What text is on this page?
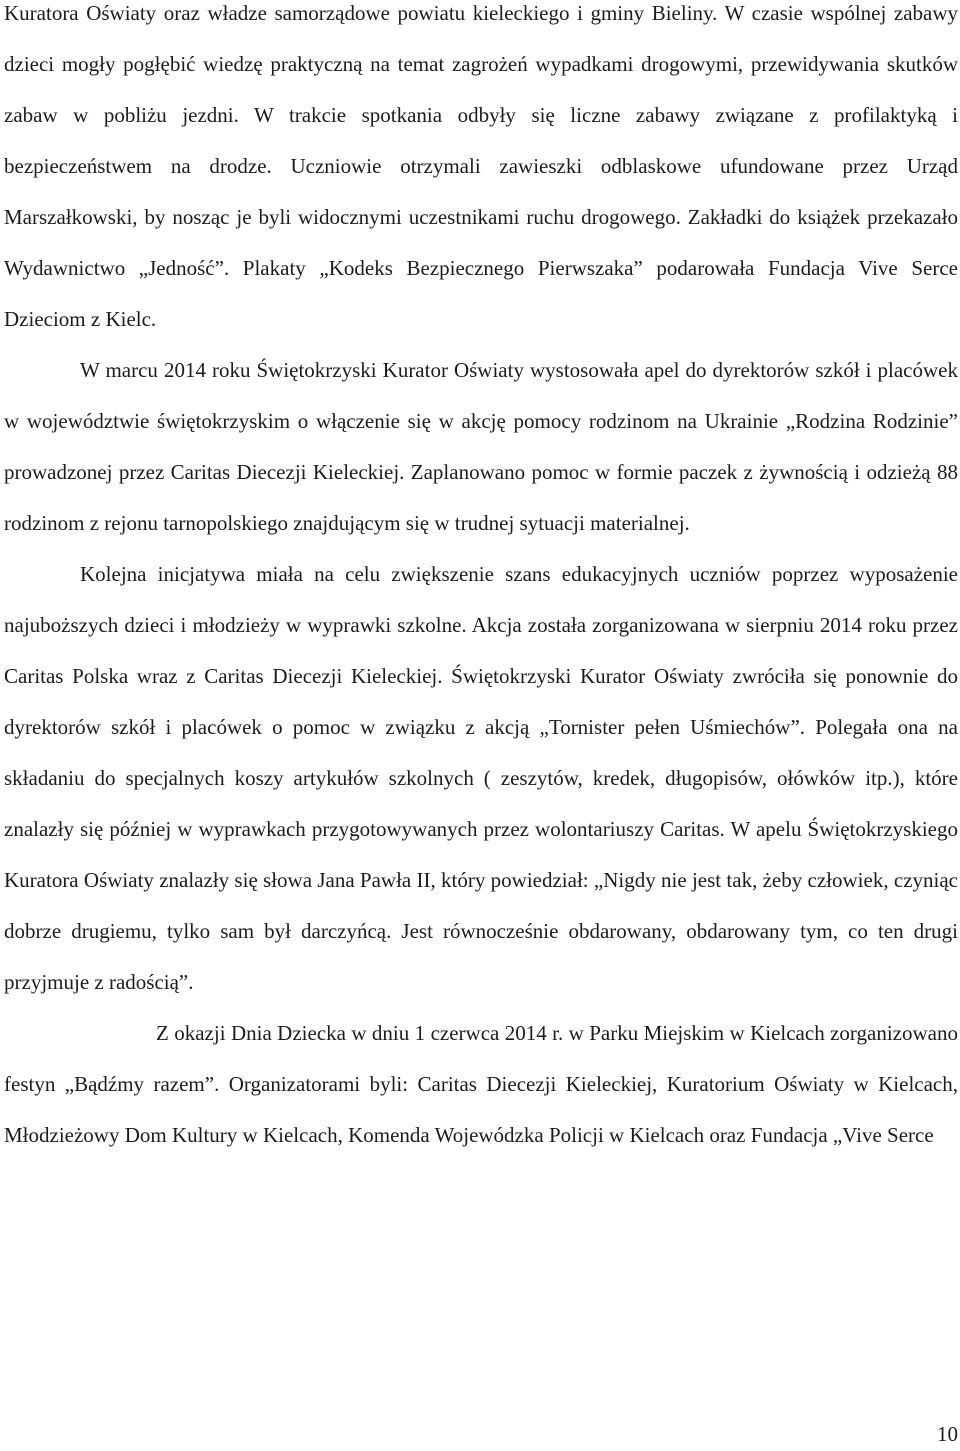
Kuratora Oświaty oraz władze samorządowe powiatu kieleckiego i gminy Bieliny. W czasie wspólnej zabawy dzieci mogły pogłębić wiedzę praktyczną na temat zagrożeń wypadkami drogowymi, przewidywania skutków zabaw w pobliżu jezdni. W trakcie spotkania odbyły się liczne zabawy związane z profilaktyką i bezpieczeństwem na drodze. Uczniowie otrzymali zawieszki odblaskowe ufundowane przez Urząd Marszałkowski, by nosząc je byli widocznymi uczestnikami ruchu drogowego. Zakładki do książek przekazało Wydawnictwo „Jedność”. Plakaty „Kodeks Bezpiecznego Pierwszaka” podarowała Fundacja Vive Serce Dzieciom z Kielc.

W marcu 2014 roku Świętokrzyski Kurator Oświaty wystosowała apel do dyrektorów szkół i placówek w województwie świętokrzyskim o włączenie się w akcję pomocy rodzinom na Ukrainie „Rodzina Rodzinie” prowadzonej przez Caritas Diecezji Kieleckiej. Zaplanowano pomoc w formie paczek z żywnością i odzieżą 88 rodzinom z rejonu tarnopolskiego znajdującym się w trudnej sytuacji materialnej.

Kolejna inicjatywa miała na celu zwiększenie szans edukacyjnych uczniów poprzez wyposażenie najuboższych dzieci i młodzieży w wyprawki szkolne. Akcja została zorganizowana w sierpniu 2014 roku przez Caritas Polska wraz z Caritas Diecezji Kieleckiej. Świętokrzyski Kurator Oświaty zwróciła się ponownie do dyrektorów szkół i placówek o pomoc w związku z akcją „Tornister pełen Uśmiechów”. Polegała ona na składaniu do specjalnych koszy artykułów szkolnych ( zeszytów, kredek, długopisów, ołówków itp.), które znalazły się później w wyprawkach przygotowywanych przez wolontariuszy Caritas. W apelu Świętokrzyskiego Kuratora Oświaty znalazły się słowa Jana Pawła II, który powiedział: „Nigdy nie jest tak, żeby człowiek, czyniąc dobrze drugiemu, tylko sam był darczyńcą. Jest równocześnie obdarowany, obdarowany tym, co ten drugi przyjmuje z radością”.

Z okazji Dnia Dziecka w dniu 1 czerwca 2014 r. w Parku Miejskim w Kielcach zorganizowano festyn „Bądźmy razem”. Organizatorami byli: Caritas Diecezji Kieleckiej, Kuratorium Oświaty w Kielcach, Młodzieżowy Dom Kultury w Kielcach, Komenda Wojewódzka Policji w Kielcach oraz Fundacja „Vive Serce

10
